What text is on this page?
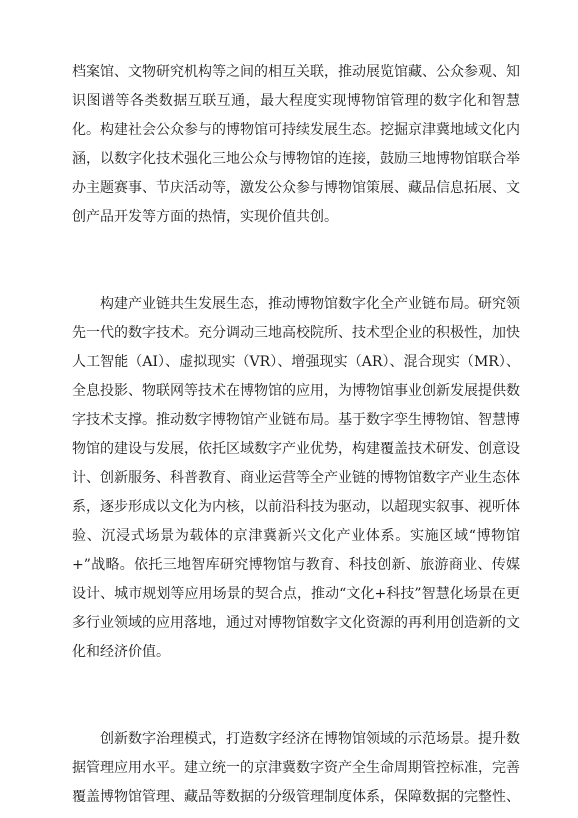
档案馆、文物研究机构等之间的相互关联，推动展览馆藏、公众参观、知识图谱等各类数据互联互通，最大程度实现博物馆管理的数字化和智慧化。构建社会公众参与的博物馆可持续发展生态。挖掘京津冀地域文化内涵，以数字化技术强化三地公众与博物馆的连接，鼓励三地博物馆联合举办主题赛事、节庆活动等，激发公众参与博物馆策展、藏品信息拓展、文创产品开发等方面的热情，实现价值共创。

构建产业链共生发展生态，推动博物馆数字化全产业链布局。研究领先一代的数字技术。充分调动三地高校院所、技术型企业的积极性，加快人工智能（AI）、虚拟现实（VR）、增强现实（AR）、混合现实（MR）、全息投影、物联网等技术在博物馆的应用，为博物馆事业创新发展提供数字技术支撑。推动数字博物馆产业链布局。基于数字孪生博物馆、智慧博物馆的建设与发展，依托区域数字产业优势，构建覆盖技术研发、创意设计、创新服务、科普教育、商业运营等全产业链的博物馆数字产业生态体系，逐步形成以文化为内核，以前沿科技为驱动，以超现实叙事、视听体验、沉浸式场景为载体的京津冀新兴文化产业体系。实施区域“博物馆+”战略。依托三地智库研究博物馆与教育、科技创新、旅游商业、传媒设计、城市规划等应用场景的契合点，推动“文化+科技”智慧化场景在更多行业领域的应用落地，通过对博物馆数字文化资源的再利用创造新的文化和经济价值。

创新数字治理模式，打造数字经济在博物馆领域的示范场景。提升数据管理应用水平。建立统一的京津冀数字资产全生命周期管控标准，完善覆盖博物馆管理、藏品等数据的分级管理制度体系，保障数据的完整性、
